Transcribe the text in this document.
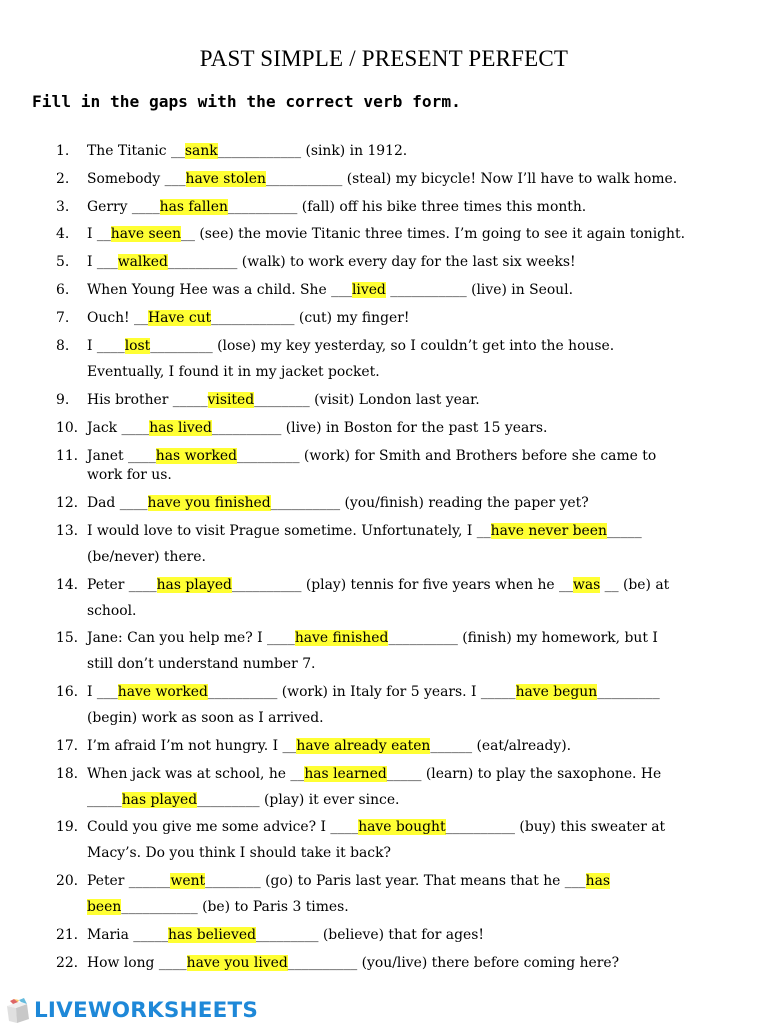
PAST SIMPLE / PRESENT PERFECT
Fill in the gaps with the correct verb form.
1. The Titanic __sank____________ (sink) in 1912.
2. Somebody ___have stolen___________ (steal) my bicycle! Now I’ll have to walk home.
3. Gerry ____has fallen__________ (fall) off his bike three times this month.
4. I __have seen__ (see) the movie Titanic three times. I’m going to see it again tonight.
5. I ___walked__________ (walk) to work every day for the last six weeks!
6. When Young Hee was a child. She ___lived ___________ (live) in Seoul.
7. Ouch! __Have cut____________ (cut) my finger!
8. I ____lost_________ (lose) my key yesterday, so I couldn’t get into the house.
Eventually, I found it in my jacket pocket.
9. His brother _____visited________ (visit) London last year.
10. Jack ____has lived__________ (live) in Boston for the past 15 years.
11. Janet ____has worked_________ (work) for Smith and Brothers before she came to
work for us.
12. Dad ____have you finished__________ (you/finish) reading the paper yet?
13. I would love to visit Prague sometime. Unfortunately, I __have never been_____
(be/never) there.
14. Peter ____has played__________ (play) tennis for five years when he __was __ (be) at
school.
15. Jane: Can you help me? I ____have finished__________ (finish) my homework, but I
still don’t understand number 7.
16. I ___have worked__________ (work) in Italy for 5 years. I _____have begun_________
(begin) work as soon as I arrived.
17. I’m afraid I’m not hungry. I __have already eaten______ (eat/already).
18. When jack was at school, he __has learned_____ (learn) to play the saxophone. He
_____has played_________ (play) it ever since.
19. Could you give me some advice? I ____have bought__________ (buy) this sweater at
Macy’s. Do you think I should take it back?
20. Peter ______went________ (go) to Paris last year. That means that he ___has
been___________ (be) to Paris 3 times.
21. Maria _____has believed_________ (believe) that for ages!
22. How long ____have you lived__________ (you/live) there before coming here?
LIVEWORKSHEETS
